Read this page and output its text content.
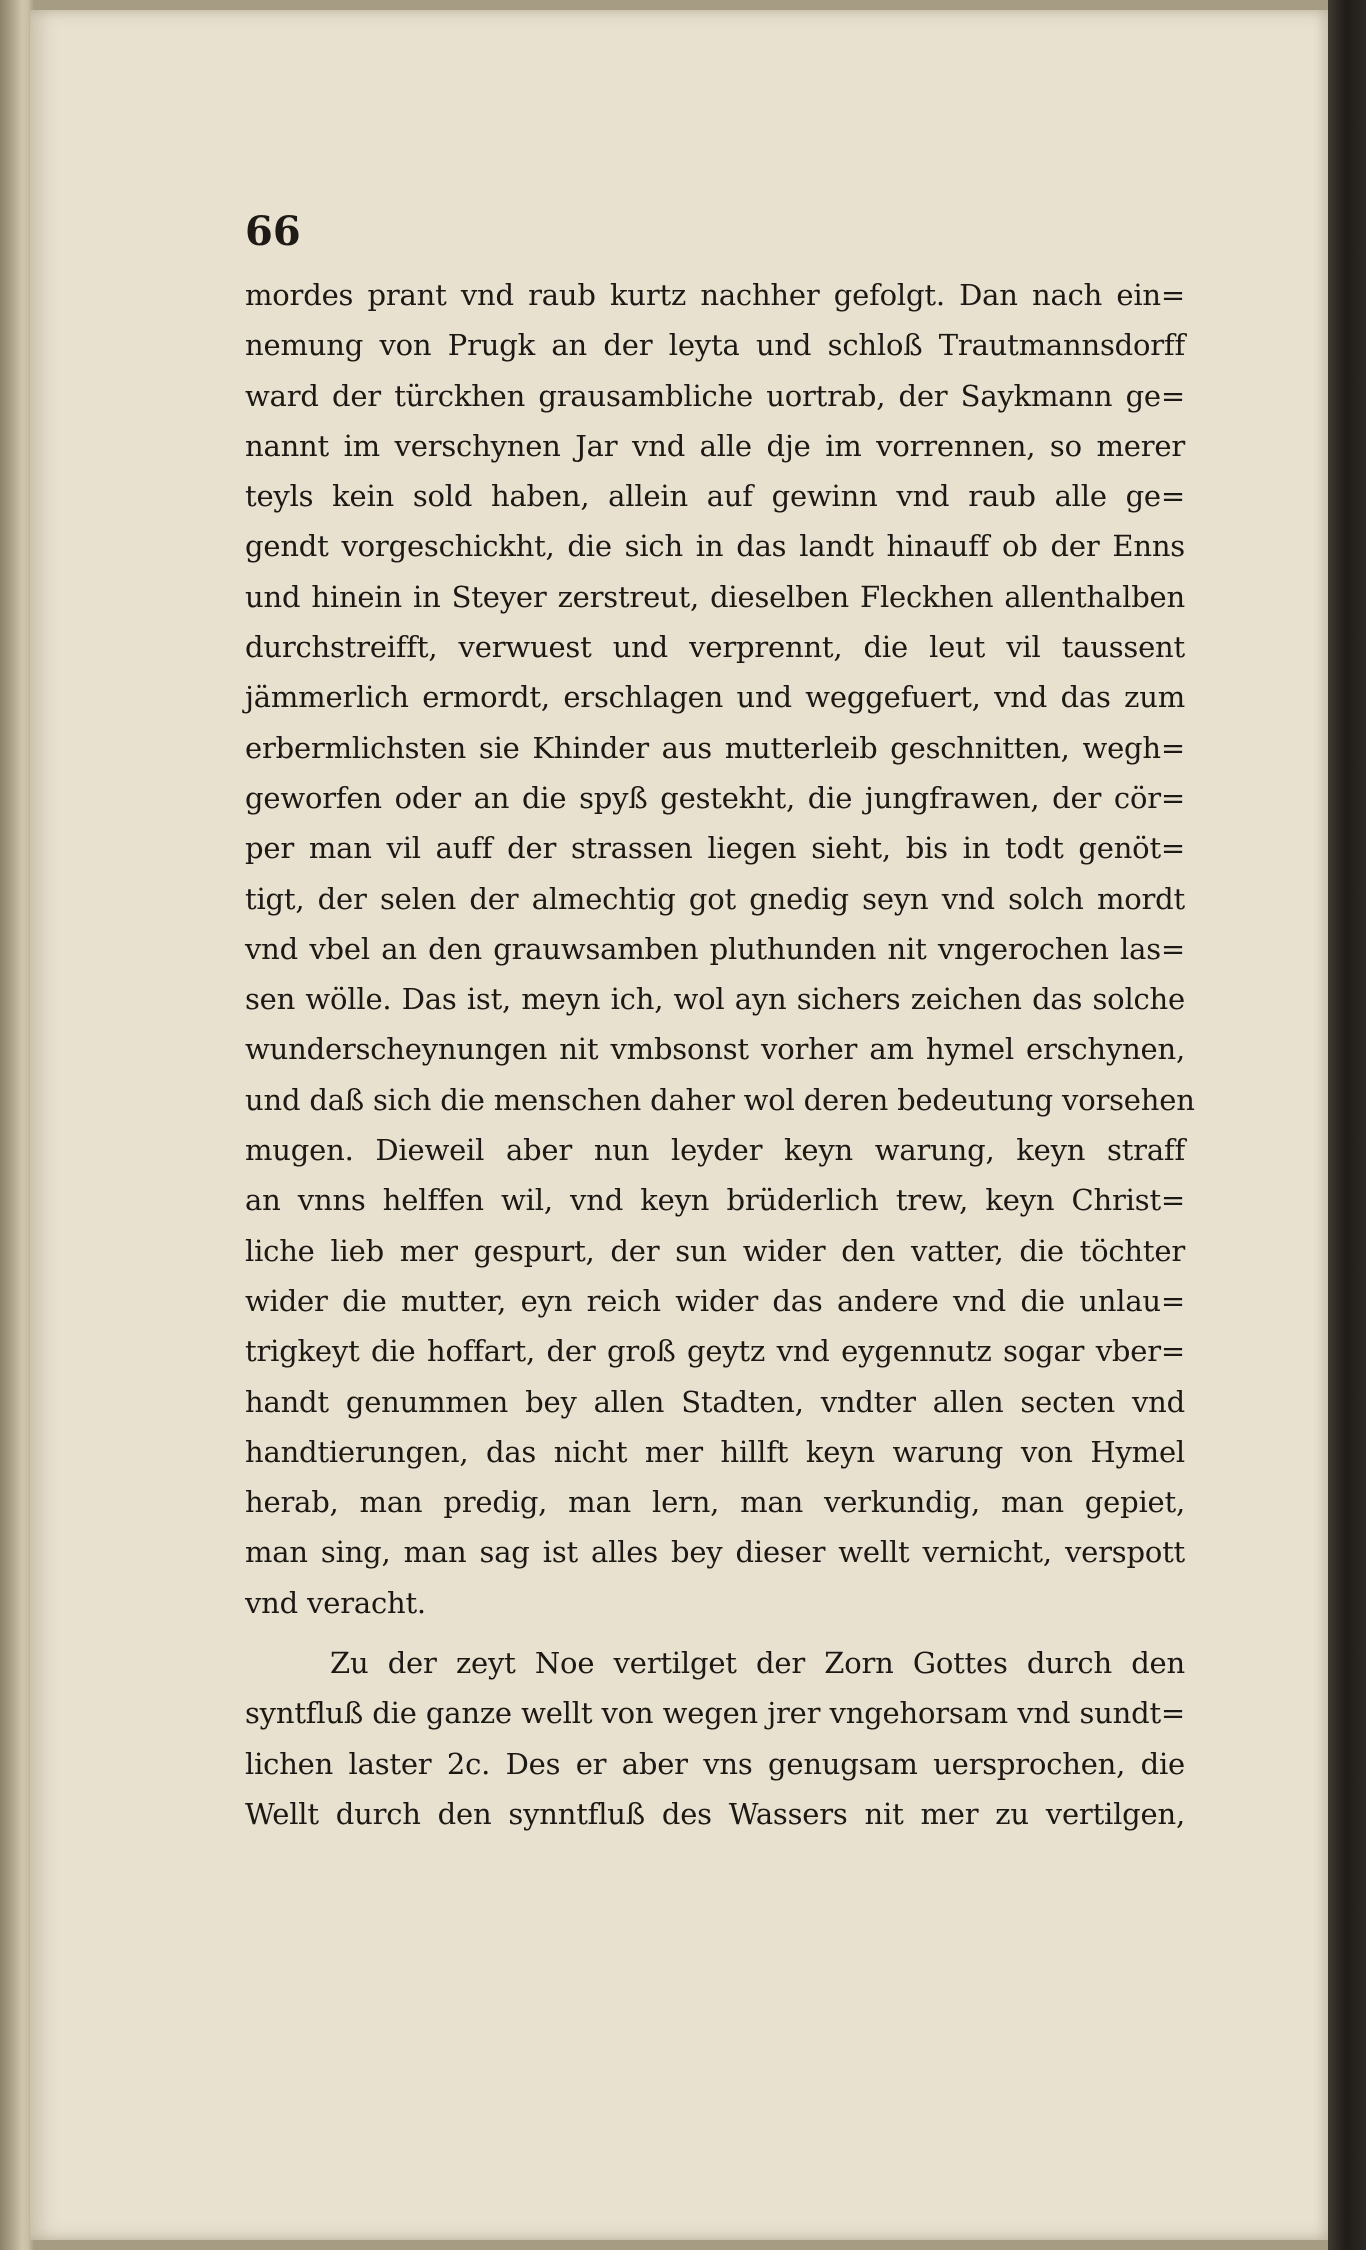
66

mordes prant vnd raub kurtz nachher gefolgt. Dan nach ein=
nemung von Prugk an der leyta und schloß Trautmannsdorff
ward der türckhen grausambliche uortrab, der Saykmann ge=
nannt im verschynen Jar vnd alle dje im vorrennen, so merer
teyls kein sold haben, allein auf gewinn vnd raub alle ge=
gendt vorgeschickht, die sich in das landt hinauff ob der Enns
und hinein in Steyer zerstreut, dieselben Fleckhen allenthalben
durchstreifft, verwuest und verprennt, die leut vil taussent
jämmerlich ermordt, erschlagen und weggefuert, vnd das zum
erbermlichsten sie Khinder aus mutterleib geschnitten, wegh=
geworfen oder an die spyß gestekht, die jungfrawen, der cör=
per man vil auff der strassen liegen sieht, bis in todt genöt=
tigt, der selen der almechtig got gnedig seyn vnd solch mordt
vnd vbel an den grauwsamben pluthunden nit vngerochen las=
sen wölle. Das ist, meyn ich, wol ayn sichers zeichen das solche
wunderscheynungen nit vmbsonst vorher am hymel erschynen,
und daß sich die menschen daher wol deren bedeutung vorsehen
mugen. Dieweil aber nun leyder keyn warung, keyn straff
an vnns helffen wil, vnd keyn brüderlich trew, keyn Christ=
liche lieb mer gespurt, der sun wider den vatter, die töchter
wider die mutter, eyn reich wider das andere vnd die unlau=
trigkeyt die hoffart, der groß geytz vnd eygennutz sogar vber=
handt genummen bey allen Stadten, vndter allen secten vnd
handtierungen, das nicht mer hillft keyn warung von Hymel
herab, man predig, man lern, man verkundig, man gepiet,
man sing, man sag ist alles bey dieser wellt vernicht, verspott
vnd veracht.
Zu der zeyt Noe vertilget der Zorn Gottes durch den
syntfluß die ganze wellt von wegen jrer vngehorsam vnd sundt=
lichen laster 2c. Des er aber vns genugsam uersprochen, die
Wellt durch den synntfluß des Wassers nit mer zu vertilgen,
